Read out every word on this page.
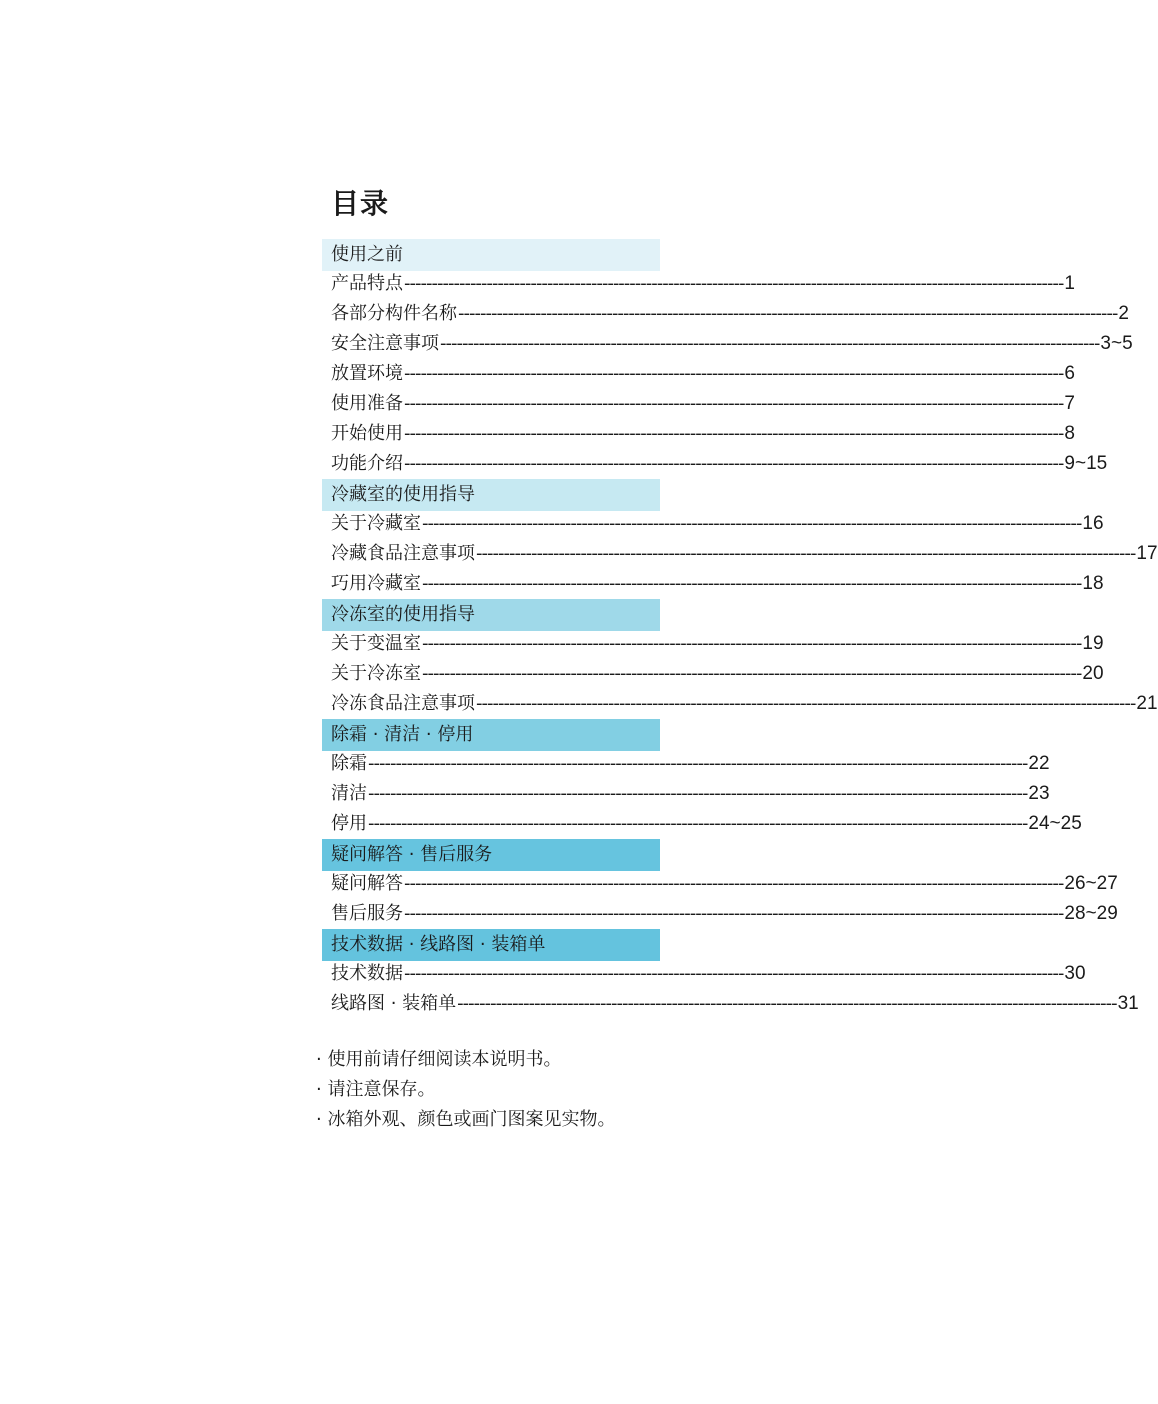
目录
使用之前
产品特点 ------------------------------------------------------------------------------------------------------------------------ 1
各部分构件名称 ------------------------------------------------------------------------------------------------------------------------ 2
安全注意事项 ------------------------------------------------------------------------------------------------------------------------ 3~5
放置环境 ------------------------------------------------------------------------------------------------------------------------ 6
使用准备 ------------------------------------------------------------------------------------------------------------------------ 7
开始使用 ------------------------------------------------------------------------------------------------------------------------ 8
功能介绍 ------------------------------------------------------------------------------------------------------------------------ 9~15
冷藏室的使用指导
关于冷藏室 ------------------------------------------------------------------------------------------------------------------------ 16
冷藏食品注意事项 ------------------------------------------------------------------------------------------------------------------------ 17
巧用冷藏室 ------------------------------------------------------------------------------------------------------------------------ 18
冷冻室的使用指导
关于变温室 ------------------------------------------------------------------------------------------------------------------------ 19
关于冷冻室 ------------------------------------------------------------------------------------------------------------------------ 20
冷冻食品注意事项 ------------------------------------------------------------------------------------------------------------------------ 21
除霜 · 清洁 · 停用
除霜 ------------------------------------------------------------------------------------------------------------------------ 22
清洁 ------------------------------------------------------------------------------------------------------------------------ 23
停用 ------------------------------------------------------------------------------------------------------------------------ 24~25
疑问解答 · 售后服务
疑问解答 ------------------------------------------------------------------------------------------------------------------------ 26~27
售后服务 ------------------------------------------------------------------------------------------------------------------------ 28~29
技术数据 · 线路图 · 装箱单
技术数据 ------------------------------------------------------------------------------------------------------------------------ 30
线路图 · 装箱单 ------------------------------------------------------------------------------------------------------------------------ 31
· 使用前请仔细阅读本说明书。
· 请注意保存。
· 冰箱外观、颜色或画门图案见实物。
